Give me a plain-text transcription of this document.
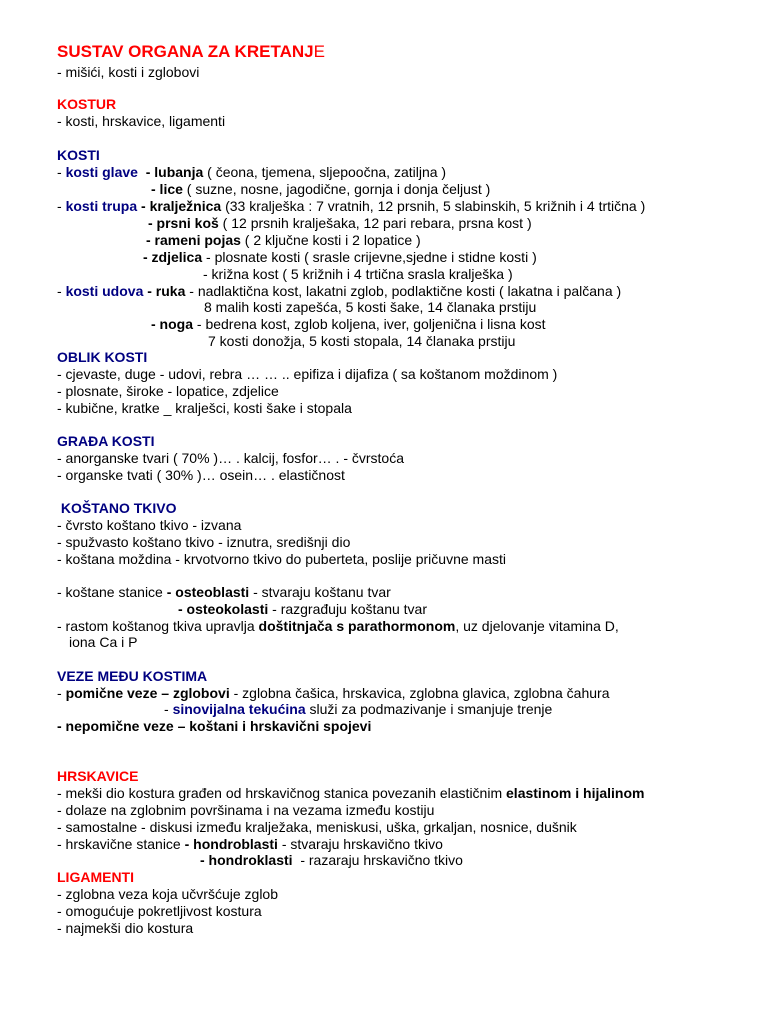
SUSTAV ORGANA ZA KRETANJE
- mišići, kosti i zglobovi
KOSTUR
- kosti, hrskavice, ligamenti
KOSTI
- kosti glave - lubanja ( čeona, tjemena, sljepoočna, zatiljna )
- lice ( suzne, nosne, jagodične, gornja i donja čeljust )
- kosti trupa - kralježnica (33 kralješka : 7 vratnih, 12 prsnih, 5 slabinskih, 5 križnih i 4 trtična )
- prsni koš ( 12 prsnih kralješaka, 12 pari rebara, prsna kost )
- rameni pojas ( 2 ključne kosti i 2 lopatice )
- zdjelica - plosnate kosti ( srasle crijevne,sjedne i stidne kosti )
- križna kost ( 5 križnih i 4 trtična srasla kralješka )
- kosti udova - ruka - nadlaktična kost, lakatni zglob, podlaktične kosti ( lakatna i palčana )
8 malih kosti zapešća, 5 kosti šake, 14 članaka prstiju
- noga - bedrena kost, zglob koljena, iver, goljenična i lisna kost
7 kosti donožja, 5 kosti stopala, 14 članaka prstiju
OBLIK KOSTI
- cjevaste, duge - udovi, rebra … … .. epifiza i dijafiza ( sa koštanom moždinom )
- plosnate, široke - lopatice, zdjelice
- kubične, kratke _ kralješci, kosti šake i stopala
GRAĐA KOSTI
- anorganske tvari ( 70% )… . kalcij, fosfor… . - čvrstoća
- organske tvati ( 30% )… osein… . elastičnost
KOŠTANO TKIVO
- čvrsto koštano tkivo - izvana
- spužvasto koštano tkivo - iznutra, središnji dio
- koštana moždina - krvotvorno tkivo do puberteta, poslije pričuvne masti
- koštane stanice - osteoblasti - stvaraju koštanu tvar
- osteokolasti - razgrađuju koštanu tvar
- rastom koštanog tkiva upravlja doštitnjača s parathormonom, uz djelovanje vitamina D,
iona Ca i P
VEZE MEĐU KOSTIMA
- pomične veze – zglobovi - zglobna čašica, hrskavica, zglobna glavica, zglobna čahura
- sinovijalna tekućina služi za podmazivanje i smanjuje trenje
- nepomične veze – koštani i hrskavični spojevi
HRSKAVICE
- mekši dio kostura građen od hrskavičnog stanica povezanih elastičnim elastinom i hijalinom
- dolaze na zglobnim površinama i na vezama između kostiju
- samostalne - diskusi između kralježaka, meniskusi, uška, grkaljan, nosnice, dušnik
- hrskavične stanice - hondroblasti - stvaraju hrskavično tkivo
- hondroklasti  - razaraju hrskavično tkivo
LIGAMENTI
- zglobna veza koja učvršćuje zglob
- omogućuje pokretljivost kostura
- najmekši dio kostura
